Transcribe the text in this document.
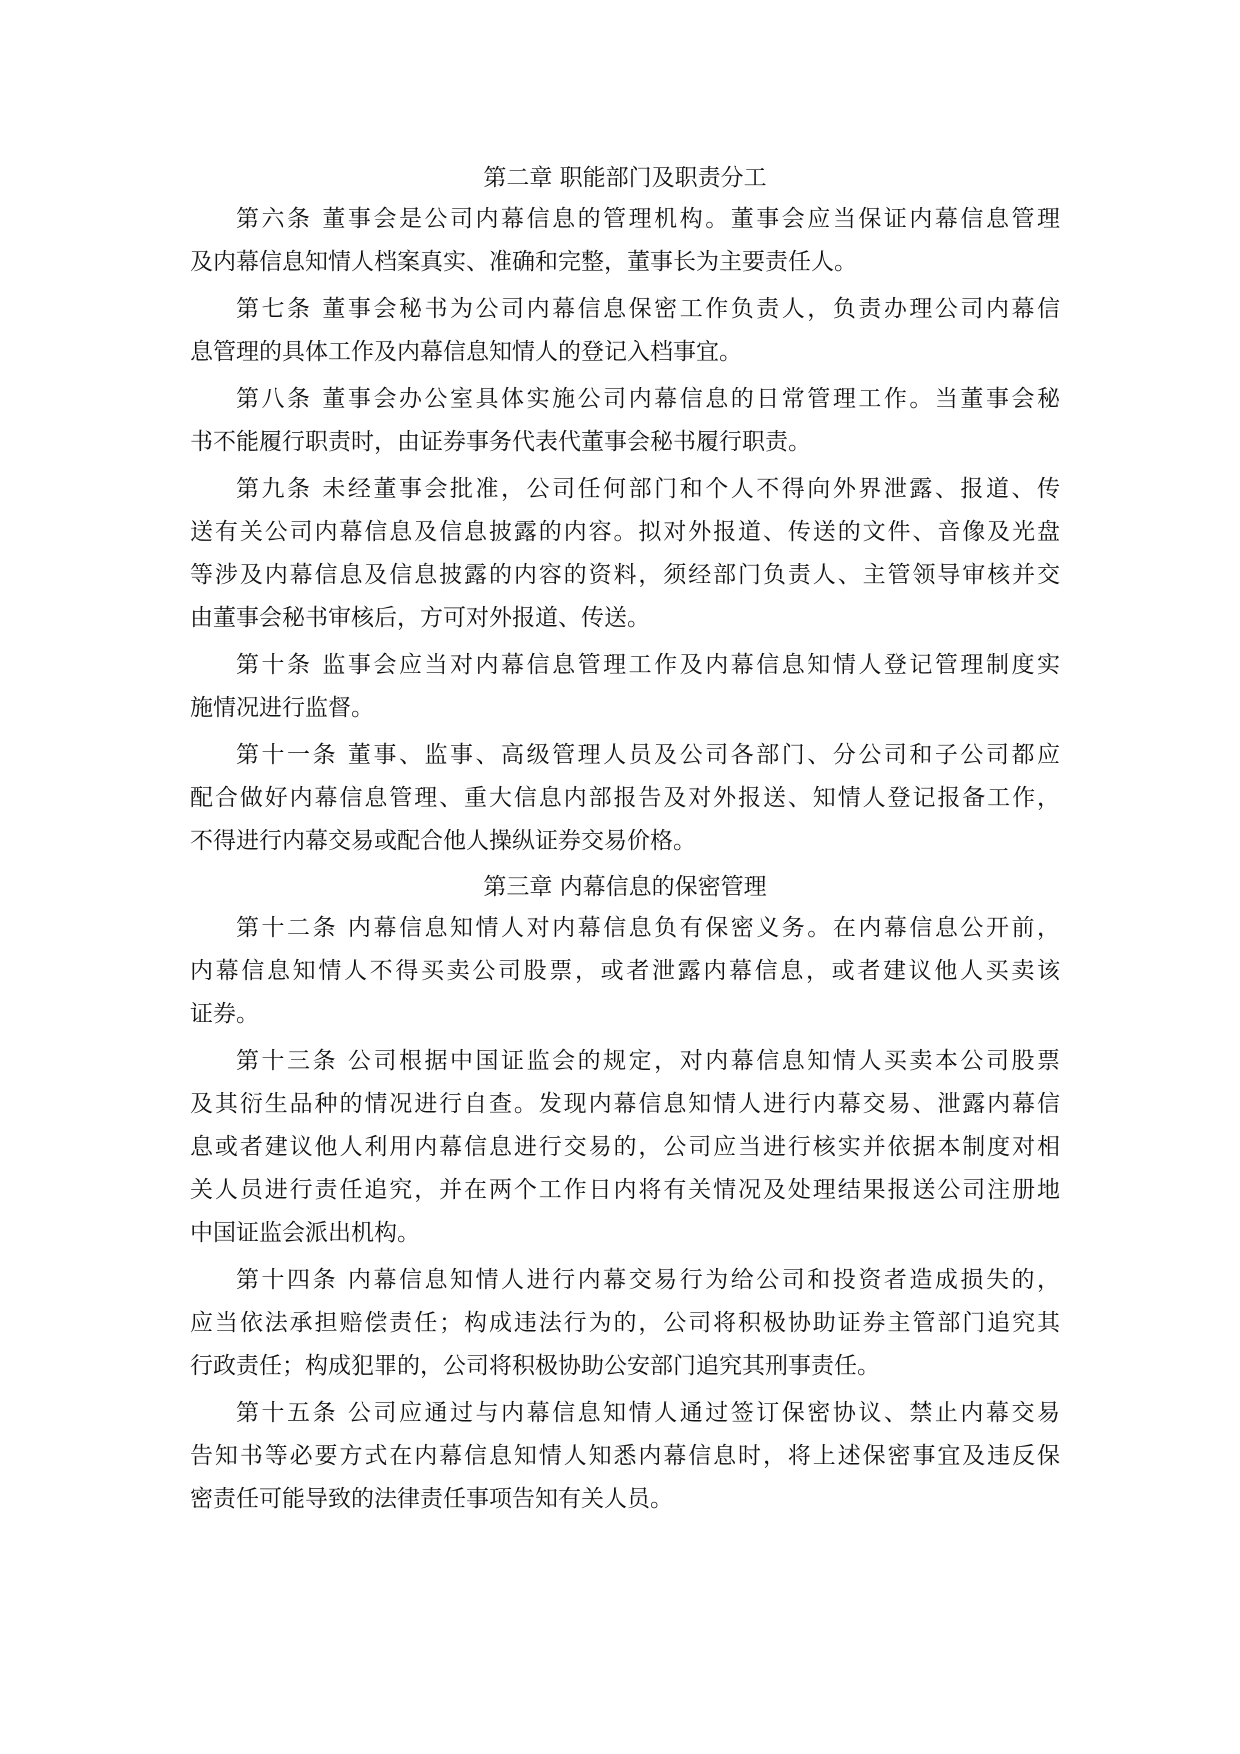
第二章 职能部门及职责分工
第六条 董事会是公司内幕信息的管理机构。董事会应当保证内幕信息管理
及内幕信息知情人档案真实、准确和完整，董事长为主要责任人。
第七条 董事会秘书为公司内幕信息保密工作负责人，负责办理公司内幕信
息管理的具体工作及内幕信息知情人的登记入档事宜。
第八条 董事会办公室具体实施公司内幕信息的日常管理工作。当董事会秘
书不能履行职责时，由证券事务代表代董事会秘书履行职责。
第九条 未经董事会批准，公司任何部门和个人不得向外界泄露、报道、传
送有关公司内幕信息及信息披露的内容。拟对外报道、传送的文件、音像及光盘
等涉及内幕信息及信息披露的内容的资料，须经部门负责人、主管领导审核并交
由董事会秘书审核后，方可对外报道、传送。
第十条 监事会应当对内幕信息管理工作及内幕信息知情人登记管理制度实
施情况进行监督。
第十一条 董事、监事、高级管理人员及公司各部门、分公司和子公司都应
配合做好内幕信息管理、重大信息内部报告及对外报送、知情人登记报备工作，
不得进行内幕交易或配合他人操纵证券交易价格。
第三章 内幕信息的保密管理
第十二条 内幕信息知情人对内幕信息负有保密义务。在内幕信息公开前，
内幕信息知情人不得买卖公司股票，或者泄露内幕信息，或者建议他人买卖该
证券。
第十三条 公司根据中国证监会的规定，对内幕信息知情人买卖本公司股票
及其衍生品种的情况进行自查。发现内幕信息知情人进行内幕交易、泄露内幕信
息或者建议他人利用内幕信息进行交易的，公司应当进行核实并依据本制度对相
关人员进行责任追究，并在两个工作日内将有关情况及处理结果报送公司注册地
中国证监会派出机构。
第十四条 内幕信息知情人进行内幕交易行为给公司和投资者造成损失的，
应当依法承担赔偿责任；构成违法行为的，公司将积极协助证券主管部门追究其
行政责任；构成犯罪的，公司将积极协助公安部门追究其刑事责任。
第十五条 公司应通过与内幕信息知情人通过签订保密协议、禁止内幕交易
告知书等必要方式在内幕信息知情人知悉内幕信息时，将上述保密事宜及违反保
密责任可能导致的法律责任事项告知有关人员。
